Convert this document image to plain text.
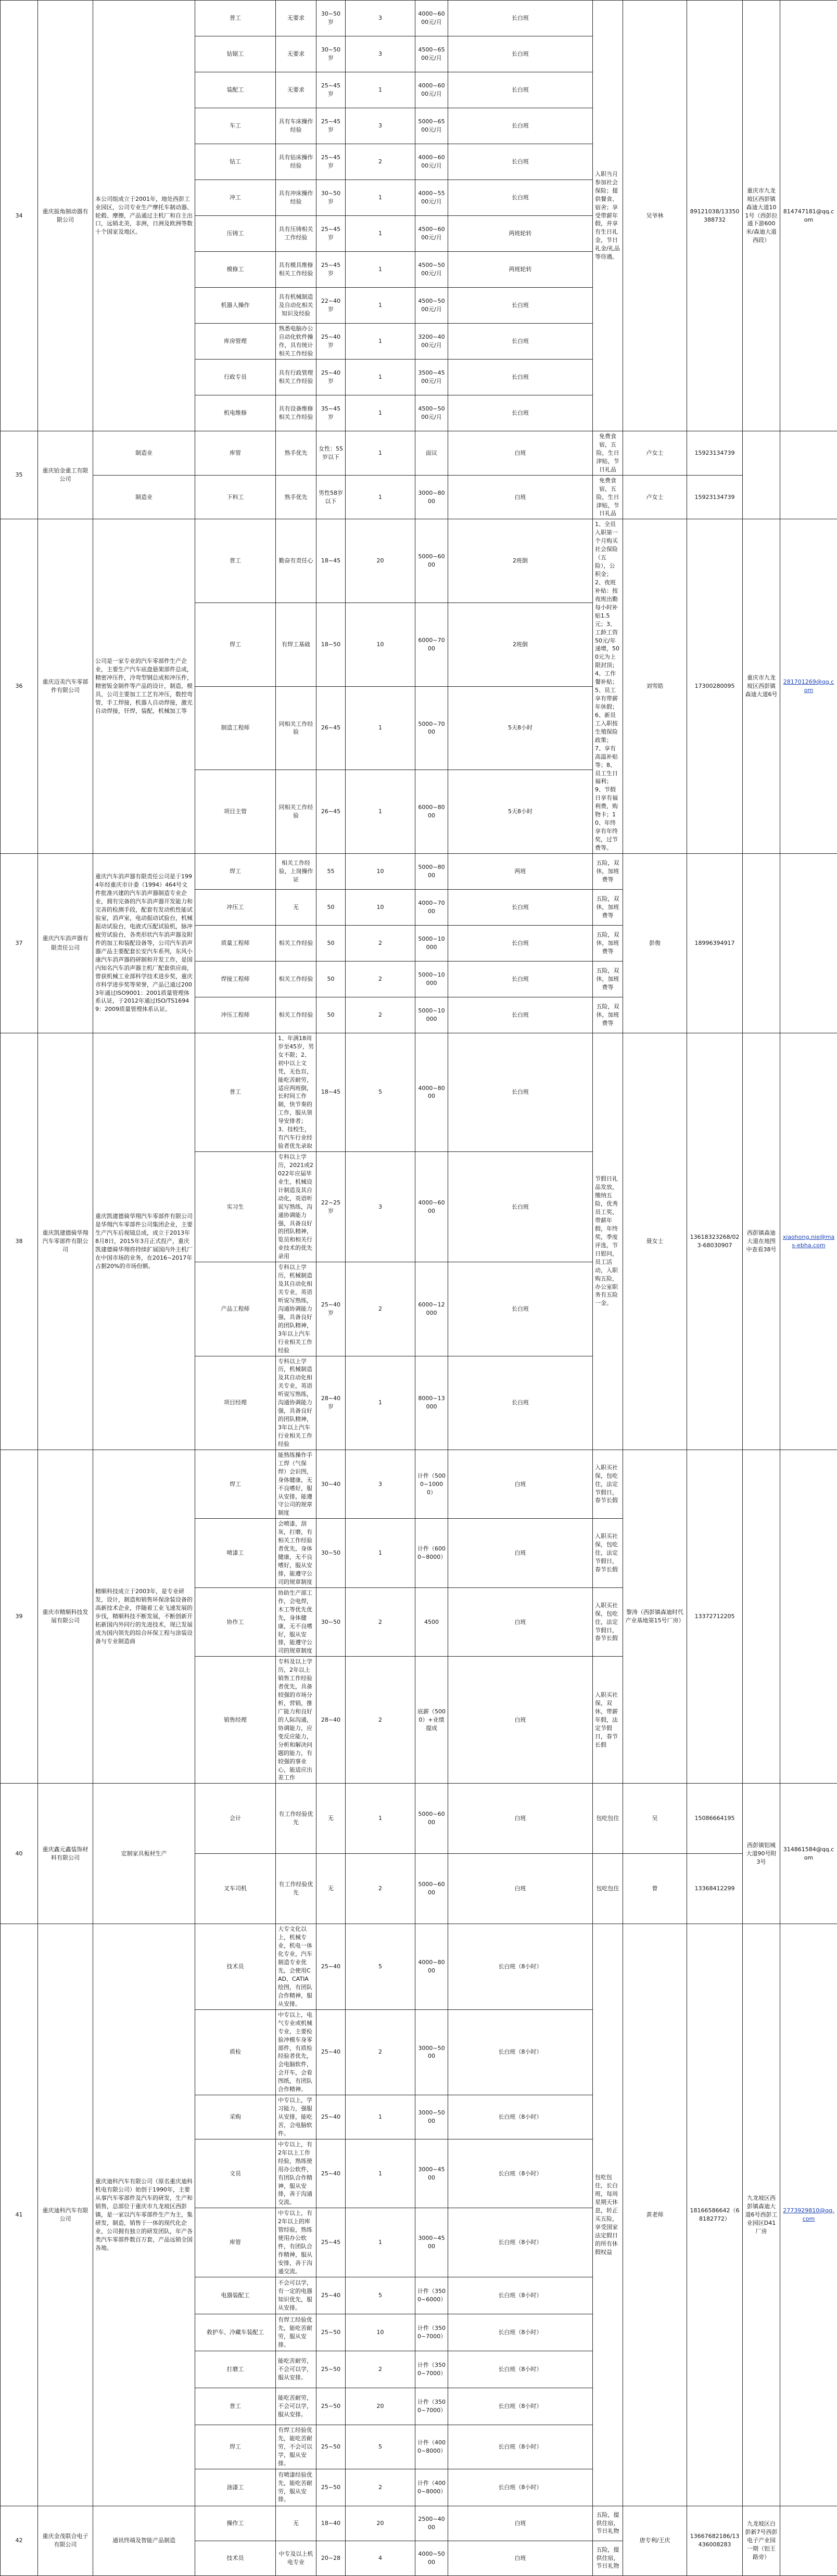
34	重庆拔角制动器有限公司	本公司组成立于2001年，地处西彭工业园区，公司专业生产摩托车制动器、轮毂、摩擦，产品通过主机厂和自主出口，远销北美，非洲，日洲及欧洲等数十个国家及地区。	普工	无要求	30~50岁	3	4000~6000元/月	长白班	入职当月参加社会保险；提供餐食、宿舍；享受带薪年假，并享有生日礼金，节日礼金/礼品等待遇。	吴爷林	89121038/13350388732	重庆市九龙坡区西彭镇森迪大道101号（西彭拉通下游600米/森迪大道西段）	814747181@qq.com
			钻锯工	无要求	30~50岁	3	4500~6500元/月	长白班					
			装配工	无要求	25~45岁	1	4000~6000元/月	长白班					
			车工	具有车床操作经验	25~45岁	3	5000~6500元/月	长白班					
			钻工	具有钻床操作经验	25~45岁	2	4000~6000元/月	长白班					
			冲工	具有冲床操作经验	30~50岁	1	4000~5500元/月	长白班					
			压铸工	具有压铸相关工作经验	25~45岁	1	4500~6000元/月	两班轮转					
			模修工	具有模具维修相关工作经验	25~45岁	1	4500~5000元/月	两班轮转					
			机器人操作	具有机械制造及自动化相关知识及经验	22~40岁	1	4500~5000元/月	长白班					
			库房管理	熟悉电脑办公自动化软件操作，具有统计相关工作经验	25~40岁	1	3200~4000元/月	长白班					
			行政专员	具有行政管理相关工作经验	25~40岁	1	3500~4500元/月	长白班					
			机电维修	具有设备维修相关工作经验	35~45岁	1	4500~5000元/月	长白班					
35	重庆铂金重工有限公司	制造业	库管	熟手优先	女性：55岁以下	1	面议	白班	免费食宿，五险，生日津贴，节日礼品	卢女士	15923134739		
		制造业	下料工	熟手优先	男性58岁以下	1	3000~8000	白班	免费食宿，五险，生日津贴，节日礼品	卢女士	15923134739		
36	重庆迈美汽车零部件有限公司	公司是一家专业的汽车零部件生产企业，主要生产汽车底盘悬架部件总成，精密冲压件，冷弯型钢总成和冲压件，精密钣金制件等产品的设计，制造，模具，公司主要加工工艺有冲压，数控弯管，手工焊接，机器人自动焊接，激光自动焊接，钎焊，装配，机械加工等	普工	勤奋有责任心	18~45	20	5000~6000	2班倒	1、全员入职第一个月购买社会保险（五险），公积金；2、夜班补贴：按夜班出勤每小时补贴1.5元；3、工龄工资50元/年递增，500元为上限封顶；4、工作餐补贴；5、员工享有带薪年休假；6、新员工入职按生殖保险政策；7、享有高温补贴等；8、员工生日福利；9、节假日享有福利费，购物卡；10、年终享有年终奖，过节费等。	刘雪皓	17300280095	重庆市九龙坡区西彭镇森迪大道6号	281701269@qq.com
			焊工	有焊工基础	18~50	10	6000~7000	2班倒					
			制造工程师	同相关工作经验	26~45	1	5000~7000	5天8小时					
			项目主管	同相关工作经验	26~45	1	6000~8000	5天8小时					
37	重庆汽车消声器有限责任公司	重庆汽车消声器有限责任公司是于1994年经重庆市计委（1994）464号文件批准兴建的汽车消声器制造专业企业，拥有完备的汽车消声器开发能力和完善的检测手段，配套有发动机性能试验室，消声室，电动振动试验台，机械振动试验台，电液式压配试验机，脉冲疲劳试验台，各类形状汽车消声器及附件的加工和装配设备等，公司汽车消声器产品主要配套长安汽车系列，东风小康汽车消声器的研制和开发工作，是国内知名汽车消声器主机厂配套供应商，曾获机械工业部科学技术进步奖，重庆市科学进步奖等荣誉，产品已通过2003年通过ISO9001：2001质量管理体系认证，于2012年通过ISO/TS16949：2009质量管理体系认证。	焊工	相关工作经验，上岗操作证	55	10	5000~8000	两班	五险，双休，加班费等	彭俊	18996394917		
			冲压工	无	50	10	4000~7000	长白班	五险，双休，加班费等				
			质量工程师	相关工作经验	50	2	5000~10000	长白班	五险，双休，加班费等				
			焊接工程师	相关工作经验	50	2	5000~10000	长白班	五险，双休，加班费等				
			冲压工程师	相关工作经验	50	2	5000~10000	长白班	五险，双休，加班费等				
38	重庆凯建德骑华翔汽车零部件有限公司	重庆凯建德骑华翔汽车零部件有限公司是华翔汽车零部件公司集团企业，主要生产汽车后视镜总成，成立于2013年8月8日，2015年3月正式投产，重庆凯建德骑华翔将持续扩展国内外主机厂在中国市场的业务，在2016~2017年占据20%的市场份额。	普工	1、年满18周岁至45岁，男女不限；2、初中以上文凭，无色盲，能吃苦耐劳，适应两班倒，长时间工作制，快节奏的工作，服从领导安排者；3、技校生，有汽车行业经验者优先录取	18~45	5	4000~8000	长白班	节假日礼品发放，缴纳五险，优秀员工奖，带薪年假，年终奖，季度评选，节日慰问，员工活动，入职购五险，办公室职务有五险一金。	聂女士	13618323268/023-68030907	西彭镇森迪大道在地图中查看38号	xiaohong.nie@mas-ebha.com
			实习生	专科以上学历，2021或2022年应届毕业生，机械设计制造及其自动化，英语听说写熟练，沟通协调能力强，具备良好的团队精神，览员和相关行业技术的优先录用	22~25岁	3	4000~6000	长白班					
			产品工程师	专科以上学历，机械制造及其自动化相关专业，英语听说写熟练，沟通协调能力强，具备良好的团队精神，3年以上汽车行业相关工作经验	25~40岁	2	6000~12000	长白班					
			项目经理	专科以上学历，机械制造及其自动化相关专业，英语听说写熟练，沟通协调能力强，具备良好的团队精神，3年以上汽车行业相关工作经验	28~40岁	1	8000~13000	长白班					
39	重庆市精顺科技发展有限公司	精顺科技成立于2003年，是专业研发，设计，制造和销售环保涂装设备的高新技术企业，伴随着工业飞速发展的步伐，精顺科技不断发展，不断创新开拓新国内外同行的先进技术，现已发展成为国内领先的综合环保工程与涂装设备与专业制造商	焊工	能熟练操作手工焊（气保焊）会识图，身体健康，无不良嗜好，服从安排，能遵守公司的规章制度	30~40	3	计件（5000~10000）	白班	入职买社保，包吃住，法定节假日，春节长假	黎涛（西彭镇森迪时代产业基地第15号厂房）	13372712205		
			喷漆工	会喷漆，刮灰，打磨，有相关工作经验者优先，身体健康，无不良嗜好，服从安排，能遵守公司的规章制度	30~50	1	计件（6000~8000）	白班	入职买社保，包吃住，法定节假日，春节长假				
			协作工	协助生产部工作，会电焊，木工等优先优先，身体健康，无不良嗜好，服从安排，能遵守公司的规章制度	30~50	2	4500	白班	入职买社保，包吃住，法定节假日，春节长假				
			销售经理	专科及以上学历，2年以上销售工作经验者优先，具备较强的市场分析，营销，推广能力和良好的人际沟通，协调能力，应变反应能力，分析和解决问题的能力，有较强的事业心，能适应出差工作	28~40	2	底薪（5000）+业绩提成	白班	入职买社保，双休，带薪年假，法定节假日，春节长假				
40	重庆鑫元鑫装饰材料有限公司	定制家具板材生产	会计	有工作经验优先	无	1	5000~6000	白班	包吃包住	吴	15086664195	西彭镇铝城大道90号附3号	314861584@qq.com
			叉车司机	有工作经验优先	无	2	5000~6000	白班	包吃包住	曾	13368412299		
41	重庆迪科汽车有限公司	重庆迪科汽车有限公司（原名重庆迪科机电有限公司）始创于1990年，主要从事汽车零部件及汽车的研发，生产和销售，总部位于重庆市九龙坡区西彭镇，是一家以汽车零部件生产为主，集研发，制造，销售于一体的现代化企业，公司拥有独立的研发团队，年产各类汽车零部件数百万套，产品远销全国各地。	技术员	大专文化以上，机械专业，机电一体化专业，汽车制造专业优先，会使用CAD、CATIA绘图，有团队合作精神，服从安排。	25~40	5	4000~8000	长白班（8小时）	包吃包住，长白班，每周星期天休息，转正买五险，享受国家法定假日的所有休假权益	黄老师	18166586642（68182772）	九龙坡区西彭镇森迪大道6号西彭工业园区D41厂房	2773929810@qq.com
			质检	中专以上，电气专业或机械专业，主要检验冲模车身零部件，有质检经验者优先，会电脑软件，会开车，会看图纸，有团队合作精神。	25~40	2	3000~5000	长白班（8小时）					
			采购	中专以上，学习能力，强服从安排，能吃苦，会电脑软件。	25~40	1	3000~5000	长白班（8小时）					
			文员	中专以上，有2年以上工作经验，熟练使用办公软件，有团队合作精神，服从安排，善于沟通交流。	25~40	1	3000~4500	长白班（8小时）					
			库管	中专以上，有2年以上的库管经验，熟练使用办公软件，有团队合作精神，服从安排，善于沟通交流。	25~45	1	3000~4500	长白班（8小时）					
			电器装配工	不会可以学，有一定的电器知识优先，服从安排。	25~40	5	计件（3500~6000）	长白班（8小时）					
			救护车、冷藏车装配工	有焊工经验优先，能吃苦耐劳，服从安排。	25~50	10	计件（3500~7000）	长白班（8小时）					
			打磨工	能吃苦耐劳，不会可以学，服从安排。	25~50	2	计件（3500~7000）	长白班（8小时）					
			普工	能吃苦耐劳，不会可以学，服从安排。	25~50	20	计件（3500~7000）	长白班（8小时）					
			焊工	有焊工经验优先，能吃苦耐劳，不会可以学，服从安排。	25~50	5	计件（4000~8000）	长白班（8小时）					
			油漆工	有喷漆经验优先，能吃苦耐劳，服从安排。	25~50	2	计件（4000~8000）	长白班（8小时）					
42	重庆金茂联合电子有限公司	通讯终端及智能产品制造	操作工	无	18~40	20	2500~4000	白班	五险，提供住宿，节日礼物	唐专利/王庆	13667682186/13436008283	九龙坡区白彭新7号西彭电子产业园一期（铝王路旁）	
			技术员	中专及以上机电专业	20~28	4	4000~5000	白班	五险，提供住宿，节日礼物				
